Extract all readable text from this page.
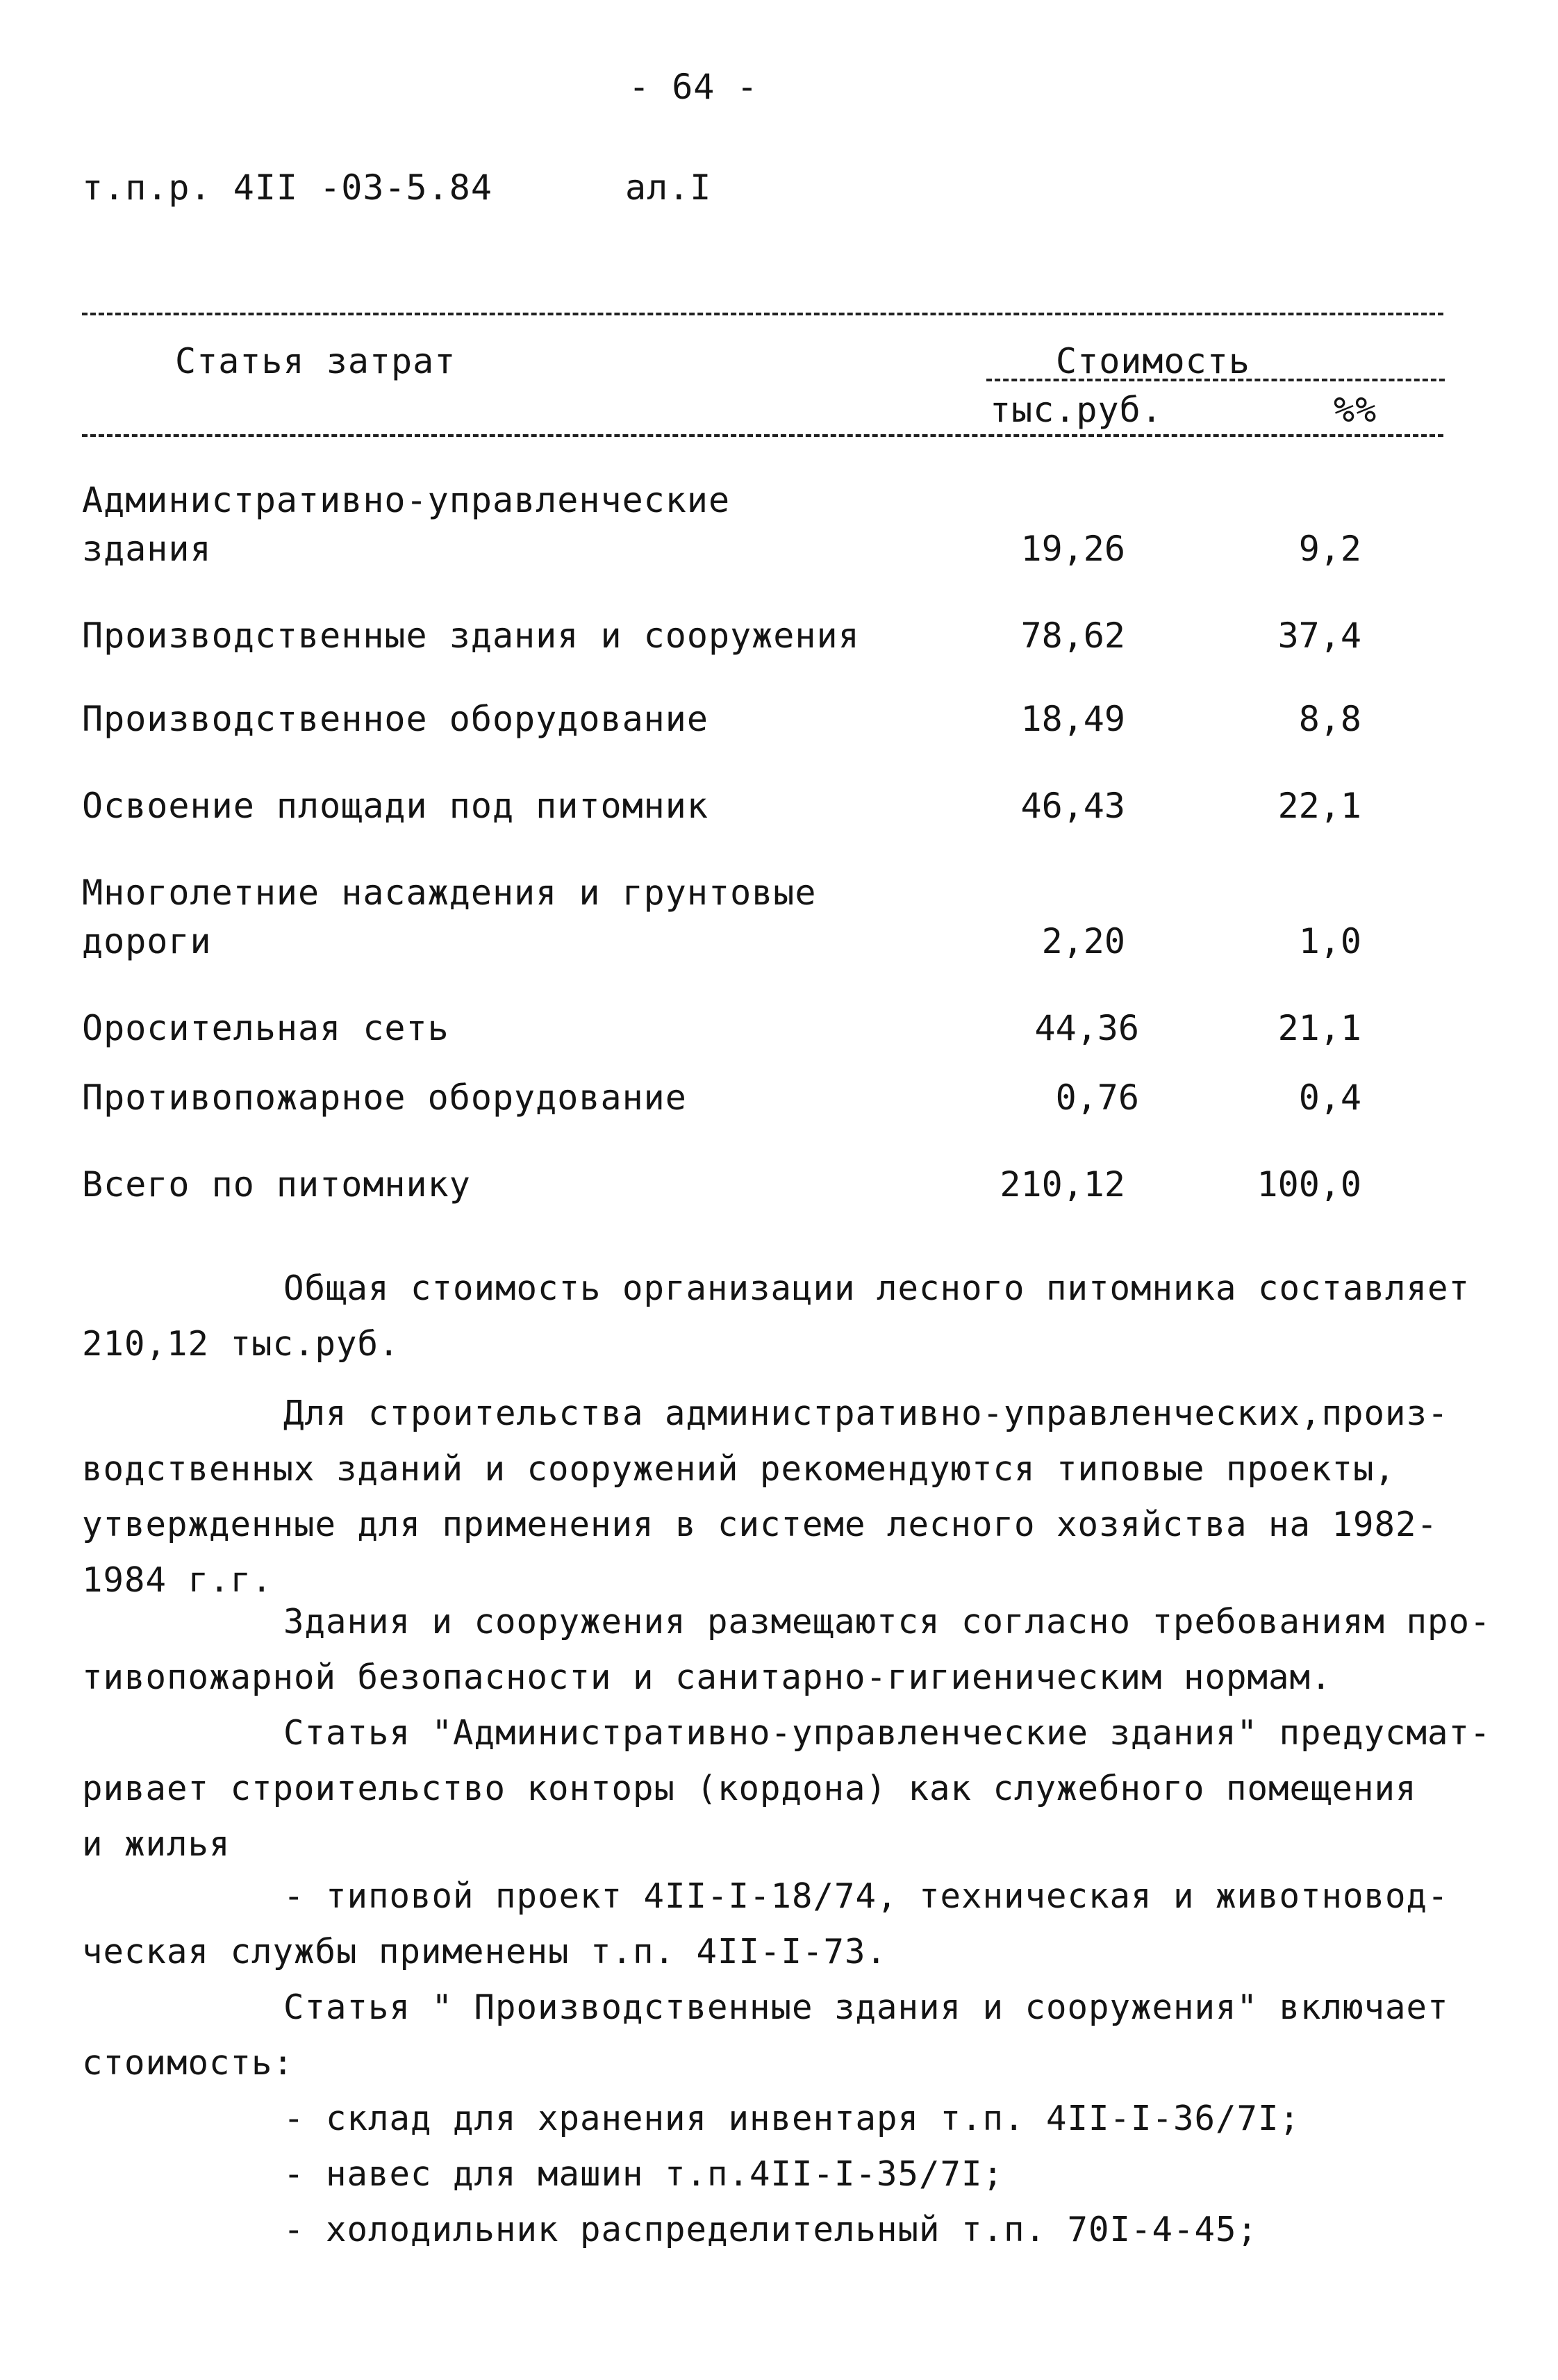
- 64 -
т.п.р. 4II -03-5.84	ал.I
Статья затрат	Стоимость
тыс.руб.	%%
Административно-управленческие
здания	19,26	9,2
Производственные здания и сооружения	78,62	37,4
Производственное оборудование	18,49	8,8
Освоение площади под питомник	46,43	22,1
Многолетние насаждения и грунтовые
дороги	2,20	1,0
Оросительная сеть	44,36	21,1
Противопожарное оборудование	0,76	0,4
Всего по питомнику	210,12	100,0
Общая стоимость организации лесного питомника составляет
210,12 тыс.руб.
Для строительства административно-управленческих,произ-
водственных зданий и сооружений рекомендуются типовые проекты,
утвержденные для применения в системе лесного хозяйства на 1982-
1984 г.г.
Здания и сооружения размещаются согласно требованиям про-
тивопожарной безопасности и санитарно-гигиеническим нормам.
Статья "Административно-управленческие здания" предусмат-
ривает строительство конторы (кордона) как служебного помещения
и жилья
- типовой проект 4II-I-18/74, техническая и животновод-
ческая службы применены т.п. 4II-I-73.
Статья " Производственные здания и сооружения" включает
стоимость:
- склад для хранения инвентаря т.п. 4II-I-36/7I;
- навес для машин т.п.4II-I-35/7I;
- холодильник распределительный т.п. 70I-4-45;
